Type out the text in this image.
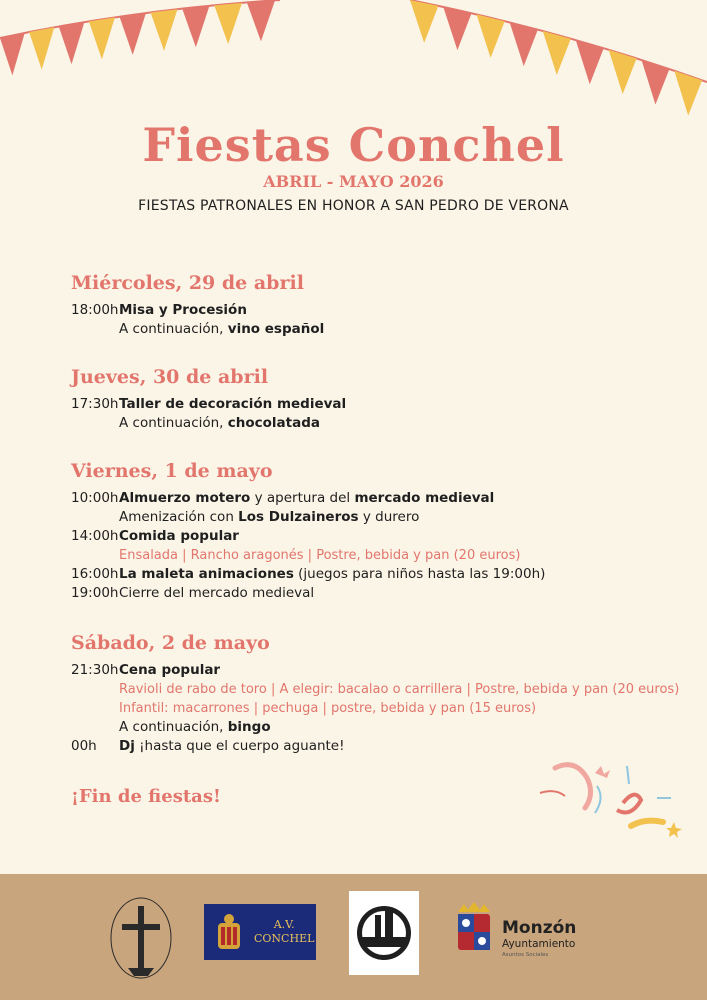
Fiestas Conchel
ABRIL - MAYO 2026
FIESTAS PATRONALES EN HONOR A SAN PEDRO DE VERONA
Miércoles, 29 de abril
18:00h Misa y Procesión
A continuación, vino español
Jueves, 30 de abril
17:30h Taller de decoración medieval
A continuación, chocolatada
Viernes, 1 de mayo
10:00h Almuerzo motero y apertura del mercado medieval
Amenización con Los Dulzaineros y durero
14:00h Comida popular
Ensalada | Rancho aragonés | Postre, bebida y pan (20 euros)
16:00h La maleta animaciones (juegos para niños hasta las 19:00h)
19:00h Cierre del mercado medieval
Sábado, 2 de mayo
21:30h Cena popular
Ravioli de rabo de toro | A elegir: bacalao o carrillera | Postre, bebida y pan (20 euros)
Infantil: macarrones | pechuga | postre, bebida y pan (15 euros)
A continuación, bingo
00h	Dj ¡hasta que el cuerpo aguante!
¡Fin de fiestas!
A.V.
CONCHEL
Monzón
Ayuntamiento
Asuntos Sociales
